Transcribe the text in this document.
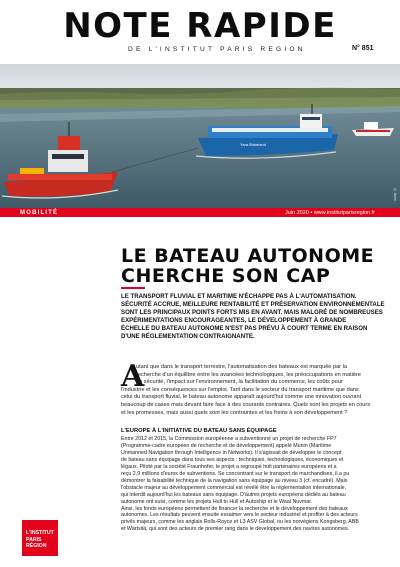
NOTE RAPIDE
DE L'INSTITUT PARIS REGION	N° 851
Yara Birkeland
© Archi...
MOBILITÉ	Juin 2020 • www.institutparisregion.fr
LE BATEAU AUTONOME
CHERCHE SON CAP
LE TRANSPORT FLUVIAL ET MARITIME N'ÉCHAPPE PAS À L'AUTOMATISATION.
SÉCURITÉ ACCRUE, MEILLEURE RENTABILITÉ ET PRÉSERVATION ENVIRONNEMENTALE
SONT LES PRINCIPAUX POINTS FORTS MIS EN AVANT. MAIS MALGRÉ DE NOMBREUSES
EXPÉRIMENTATIONS ENCOURAGEANTES, LE DÉVELOPPEMENT À GRANDE
ÉCHELLE DU BATEAU AUTONOME N'EST PAS PRÉVU À COURT TERME EN RAISON
D'UNE RÉGLEMENTATION CONTRAIGNANTE.
A
utant que dans le transport terrestre, l'automatisation des bateaux est marquée par la
recherche d'un équilibre entre les avancées technologiques, les préoccupations en matière
de sécurité, l'impact sur l'environnement, la facilitation du commerce, les coûts pour
l'industrie et les conséquences sur l'emploi. Tant dans le secteur du transport maritime que dans
celui du transport fluvial, le bateau autonome apparaît aujourd'hui comme une innovation ouvrant
beaucoup de cases mais devant faire face à des courants contraires. Quels sont les projets en cours
et les promesses, mais aussi quels sont les contraintes et les freins à son développement ?
L'EUROPE À L'INITIATIVE DU BATEAU SANS ÉQUIPAGE
Entre 2012 et 2015, la Commission européenne a subventionné un projet de recherche FP7
(Programme-cadre européen de recherche et de développement) appelé Munin (Maritime
Unmanned Navigation through Intelligence in Networks). Il s'agissait de développer le concept
de bateau sans équipage dans tous ses aspects : techniques, technologiques, économiques et
légaux. Piloté par la société Fraunhofer, le projet a regroupé huit partenaires européens et a
reçu 2,9 millions d'euros de subventions. Se concentrant sur le transport de marchandises, il a pu
démontrer la faisabilité technique de la navigation sans équipage au niveau 3 (cf. encadré). Mais
l'obstacle majeur au développement commercial est révélé être la réglementation internationale,
qui interdit aujourd'hui les bateaux sans équipage. D'autres projets européens dédiés au bateau
autonome ont suivi, comme les projets Hull to Hull et Autoship et le Waal Nuvmar.
Ainsi, les fonds européens permettent de financer la recherche et le développement des bateaux
autonomes. Les résultats peuvent ensuite essaimer vers le secteur industriel et profiter à des acteurs
privés majeurs, comme les anglais Rolls-Royce et L3 ASV Global, ou les norvégiens Kongsberg, ABB
et Wärtsilä, qui sont des acteurs de premier rang dans le développement des navires autonomes.
L'INSTITUT
PARIS
RÉGION
